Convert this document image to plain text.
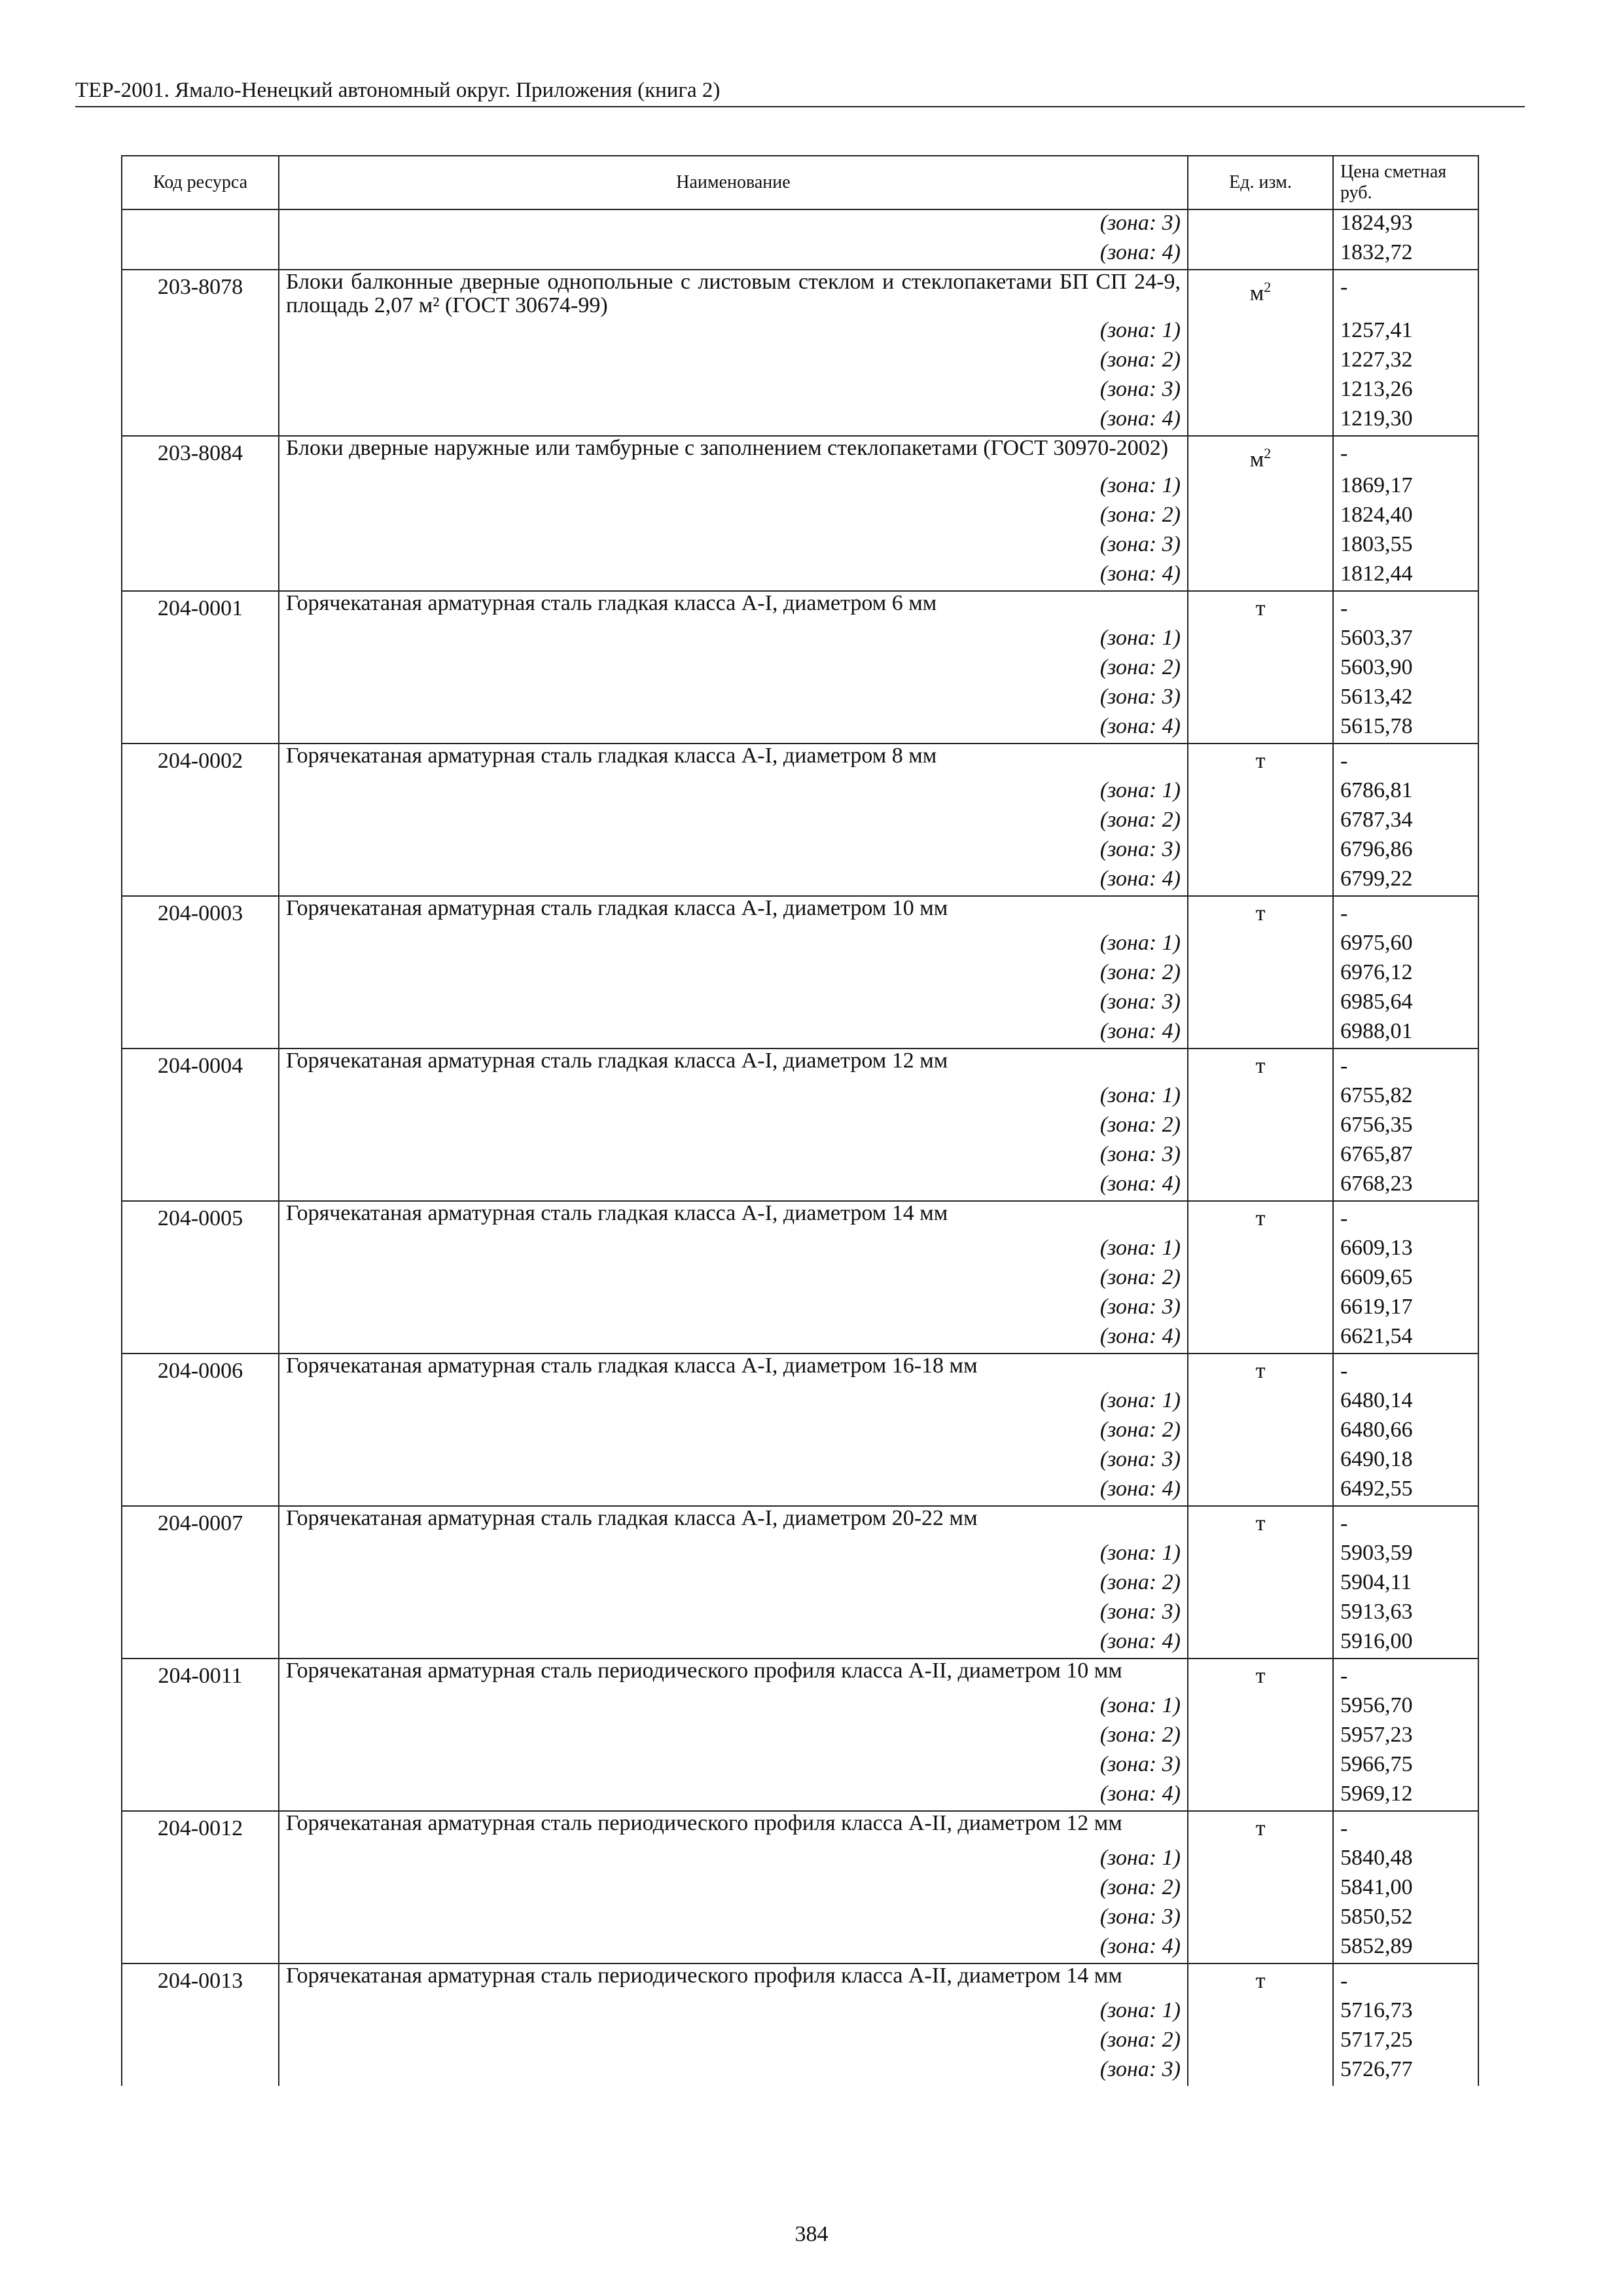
ТЕР-2001. Ямало-Ненецкий автономный округ. Приложения (книга 2)
Код ресурса	Наименование	Ед. изм.	Цена сметная руб.
	(зона: 3)		1824,93
	(зона: 4)		1832,72
203-8078	Блоки балконные дверные однопольные с листовым стеклом и стеклопакетами БП СП 24-9, площадь 2,07 м² (ГОСТ 30674-99)	$м^2$	-
	(зона: 1)		1257,41
	(зона: 2)		1227,32
	(зона: 3)		1213,26
	(зона: 4)		1219,30
203-8084	Блоки дверные наружные или тамбурные с заполнением стеклопакетами (ГОСТ 30970-2002)	$м^2$	-
	(зона: 1)		1869,17
	(зона: 2)		1824,40
	(зона: 3)		1803,55
	(зона: 4)		1812,44
204-0001	Горячекатаная арматурная сталь гладкая класса А-I, диаметром 6 мм	т	-
	(зона: 1)		5603,37
	(зона: 2)		5603,90
	(зона: 3)		5613,42
	(зона: 4)		5615,78
204-0002	Горячекатаная арматурная сталь гладкая класса А-I, диаметром 8 мм	т	-
	(зона: 1)		6786,81
	(зона: 2)		6787,34
	(зона: 3)		6796,86
	(зона: 4)		6799,22
204-0003	Горячекатаная арматурная сталь гладкая класса А-I, диаметром 10 мм	т	-
	(зона: 1)		6975,60
	(зона: 2)		6976,12
	(зона: 3)		6985,64
	(зона: 4)		6988,01
204-0004	Горячекатаная арматурная сталь гладкая класса А-I, диаметром 12 мм	т	-
	(зона: 1)		6755,82
	(зона: 2)		6756,35
	(зона: 3)		6765,87
	(зона: 4)		6768,23
204-0005	Горячекатаная арматурная сталь гладкая класса А-I, диаметром 14 мм	т	-
	(зона: 1)		6609,13
	(зона: 2)		6609,65
	(зона: 3)		6619,17
	(зона: 4)		6621,54
204-0006	Горячекатаная арматурная сталь гладкая класса А-I, диаметром 16-18 мм	т	-
	(зона: 1)		6480,14
	(зона: 2)		6480,66
	(зона: 3)		6490,18
	(зона: 4)		6492,55
204-0007	Горячекатаная арматурная сталь гладкая класса А-I, диаметром 20-22 мм	т	-
	(зона: 1)		5903,59
	(зона: 2)		5904,11
	(зона: 3)		5913,63
	(зона: 4)		5916,00
204-0011	Горячекатаная арматурная сталь периодического профиля класса А-II, диаметром 10 мм	т	-
	(зона: 1)		5956,70
	(зона: 2)		5957,23
	(зона: 3)		5966,75
	(зона: 4)		5969,12
204-0012	Горячекатаная арматурная сталь периодического профиля класса А-II, диаметром 12 мм	т	-
	(зона: 1)		5840,48
	(зона: 2)		5841,00
	(зона: 3)		5850,52
	(зона: 4)		5852,89
204-0013	Горячекатаная арматурная сталь периодического профиля класса А-II, диаметром 14 мм	т	-
	(зона: 1)		5716,73
	(зона: 2)		5717,25
	(зона: 3)		5726,77
384
